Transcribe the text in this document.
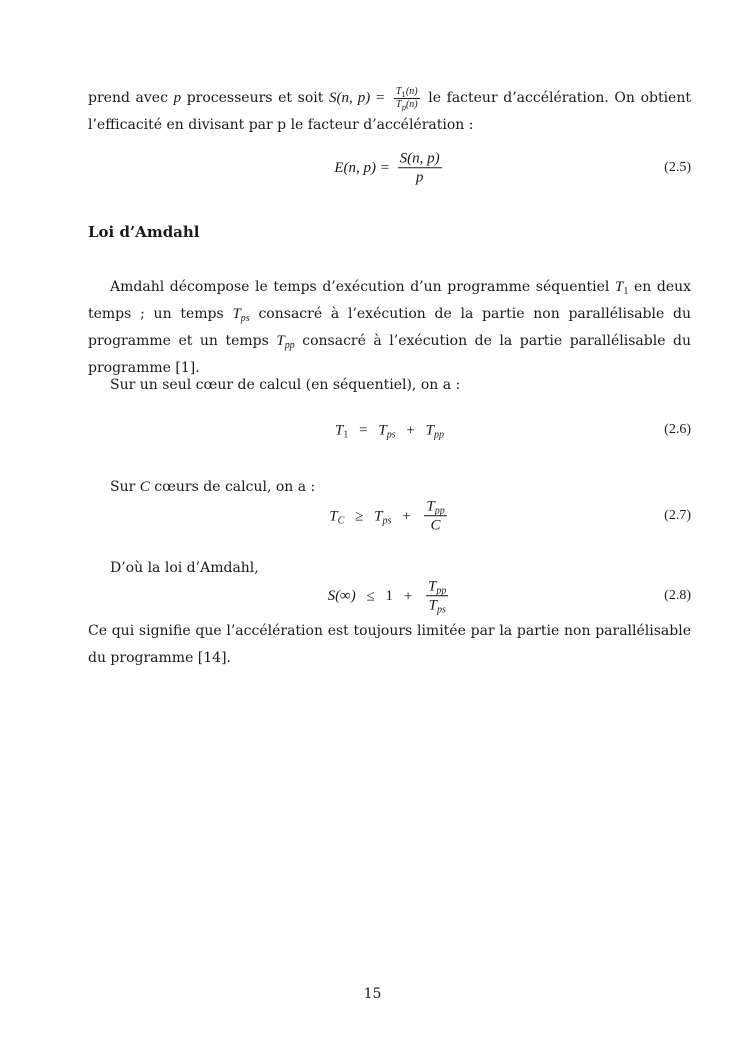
prend avec p processeurs et soit S(n, $p) = \frac{T_1(n)}{T_p(n)}$ le facteur d’accélération. On obtient l’efficacité en divisant par p le facteur d’accélération :

E(n, $p) = \frac{S(n, p)}{p}$	(2.5)
Loi d’Amdahl

Amdahl décompose le temps d’exécution d’un programme séquentiel $T_1$ en deux temps ; un temps $T_{ps}$ consacré à l’exécution de la partie non parallélisable du programme et un temps $T_{pp}$ consacré à l’exécution de la partie parallélisable du programme [1].

Sur un seul cœur de calcul (en séquentiel), on a :

$T_1 = T_{ps} + T_{pp}$	(2.6)

Sur C cœurs de calcul, on a :

$T_C \ge T_{ps} + \frac{T_{pp}}{C}$	(2.7)

D’où la loi d’Amdahl,

$S(\infty) \le 1 + \frac{T_{pp}}{T_{ps}}$	(2.8)

Ce qui signifie que l’accélération est toujours limitée par la partie non parallélisable du programme [14].

15
